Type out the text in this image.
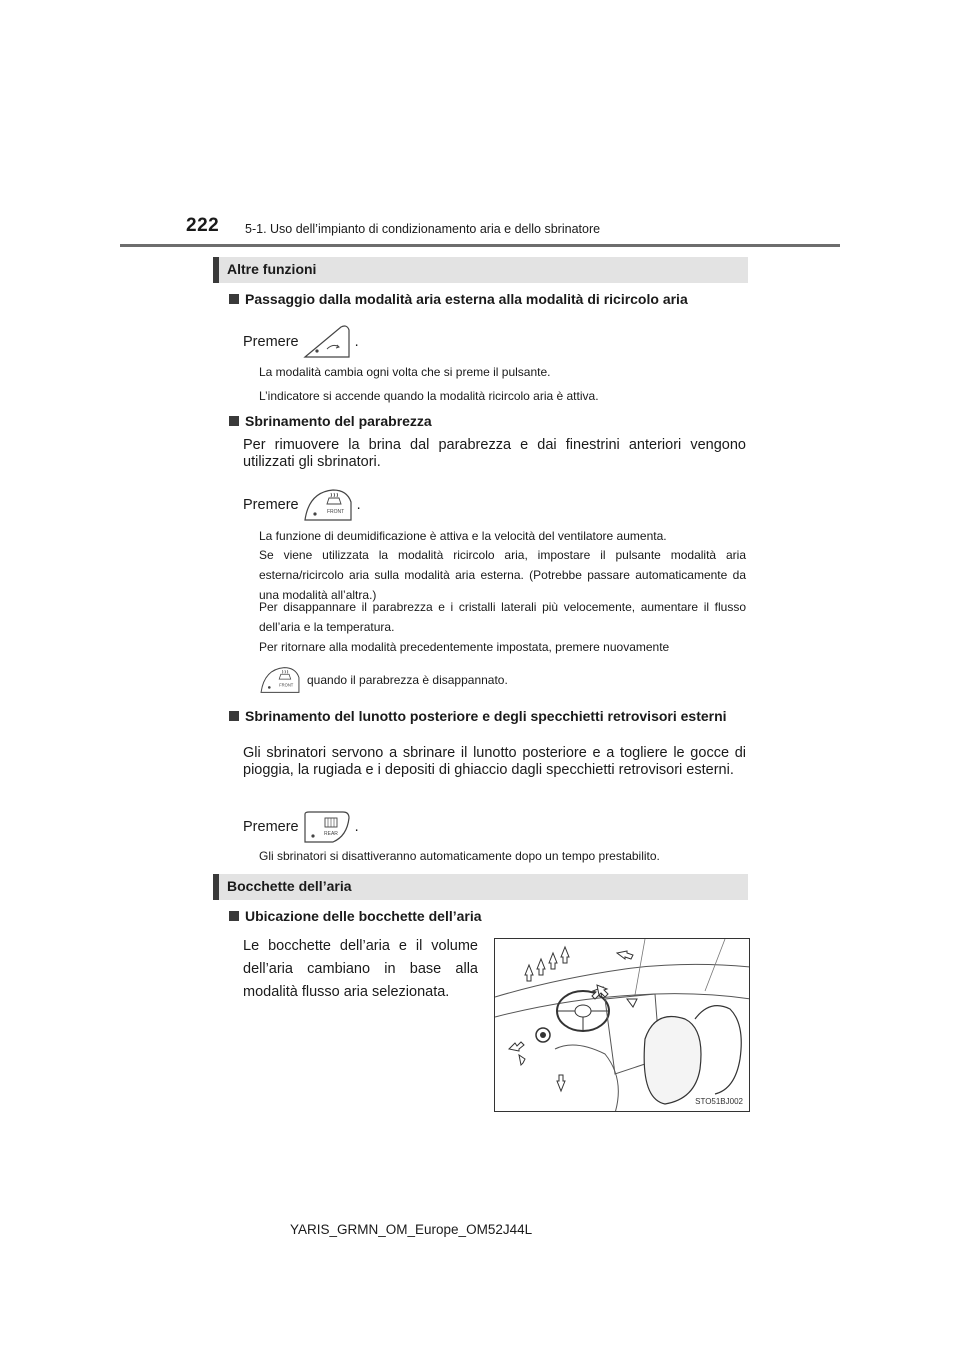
222 5-1. Uso dell’impianto di condizionamento aria e dello sbrinatore
Altre funzioni
Passaggio dalla modalità aria esterna alla modalità di ricircolo aria
Premere	.
La modalità cambia ogni volta che si preme il pulsante.
L’indicatore si accende quando la modalità ricircolo aria è attiva.
Sbrinamento del parabrezza
Per rimuovere la brina dal parabrezza e dai finestrini anteriori vengono utilizzati gli sbrinatori.
Premere	FRONT .
La funzione di deumidificazione è attiva e la velocità del ventilatore aumenta.
Se viene utilizzata la modalità ricircolo aria, impostare il pulsante modalità aria esterna/ricircolo aria sulla modalità aria esterna. (Potrebbe passare automaticamente da una modalità all’altra.)
Per disappannare il parabrezza e i cristalli laterali più velocemente, aumentare il flusso dell’aria e la temperatura.
Per ritornare alla modalità precedentemente impostata, premere nuovamente
FRONT quando il parabrezza è disappannato.
Sbrinamento del lunotto posteriore e degli specchietti retrovisori esterni
Gli sbrinatori servono a sbrinare il lunotto posteriore e a togliere le gocce di pioggia, la rugiada e i depositi di ghiaccio dagli specchietti retrovisori esterni.
Premere	REAR .
Gli sbrinatori si disattiveranno automaticamente dopo un tempo prestabilito.
Bocchette dell’aria
Ubicazione delle bocchette dell’aria
Le bocchette dell’aria e il volume dell’aria cambiano in base alla modalità flusso aria selezionata.
STO51BJ002
YARIS_GRMN_OM_Europe_OM52J44L
